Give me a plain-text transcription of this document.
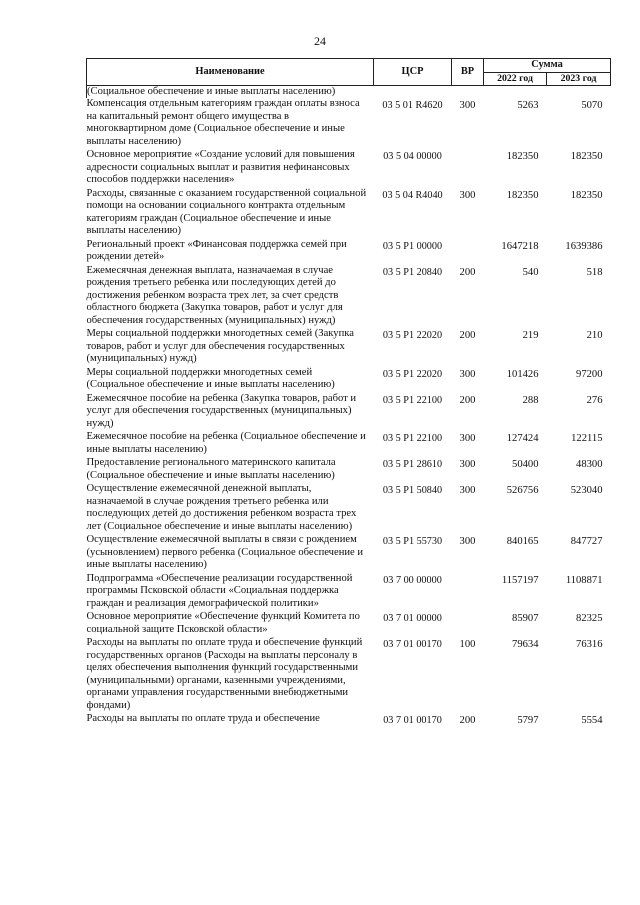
24
Наименование	ЦСР	ВР	Сумма	
			2022 год	2023 год
(Социальное обеспечение и иные выплаты населению)				
Компенсация отдельным категориям граждан оплаты взноса на капитальный ремонт общего имущества в многоквартирном доме (Социальное обеспечение и иные выплаты населению)	03 5 01 R4620	300	5263	5070
Основное мероприятие «Создание условий для повышения адресности социальных выплат и развития нефинансовых способов поддержки населения»	03 5 04 00000		182350	182350
Расходы, связанные с оказанием государственной социальной помощи на основании социального контракта отдельным категориям граждан (Социальное обеспечение и иные выплаты населению)	03 5 04 R4040	300	182350	182350
Региональный проект «Финансовая поддержка семей при рождении детей»	03 5 P1 00000		1647218	1639386
Ежемесячная денежная выплата, назначаемая в случае рождения третьего ребенка или последующих детей до достижения ребенком возраста трех лет, за счет средств областного бюджета (Закупка товаров, работ и услуг для обеспечения государственных (муниципальных) нужд)	03 5 P1 20840	200	540	518
Меры социальной поддержки многодетных семей (Закупка товаров, работ и услуг для обеспечения государственных (муниципальных) нужд)	03 5 P1 22020	200	219	210
Меры социальной поддержки многодетных семей (Социальное обеспечение и иные выплаты населению)	03 5 P1 22020	300	101426	97200
Ежемесячное пособие на ребенка (Закупка товаров, работ и услуг для обеспечения государственных (муниципальных) нужд)	03 5 P1 22100	200	288	276
Ежемесячное пособие на ребенка (Социальное обеспечение и иные выплаты населению)	03 5 P1 22100	300	127424	122115
Предоставление регионального материнского капитала (Социальное обеспечение и иные выплаты населению)	03 5 P1 28610	300	50400	48300
Осуществление ежемесячной денежной выплаты, назначаемой в случае рождения третьего ребенка или последующих детей до достижения ребенком возраста трех лет (Социальное обеспечение и иные выплаты населению)	03 5 P1 50840	300	526756	523040
Осуществление ежемесячной выплаты в связи с рождением (усыновлением) первого ребенка (Социальное обеспечение и иные выплаты населению)	03 5 P1 55730	300	840165	847727
Подпрограмма «Обеспечение реализации государственной программы Псковской области «Социальная поддержка граждан и реализация демографической политики»	03 7 00 00000		1157197	1108871
Основное мероприятие «Обеспечение функций Комитета по социальной защите Псковской области»	03 7 01 00000		85907	82325
Расходы на выплаты по оплате труда и обеспечение функций государственных органов (Расходы на выплаты персоналу в целях обеспечения выполнения функций государственными (муниципальными) органами, казенными учреждениями, органами управления государственными внебюджетными фондами)	03 7 01 00170	100	79634	76316
Расходы на выплаты по оплате труда и обеспечение	03 7 01 00170	200	5797	5554
